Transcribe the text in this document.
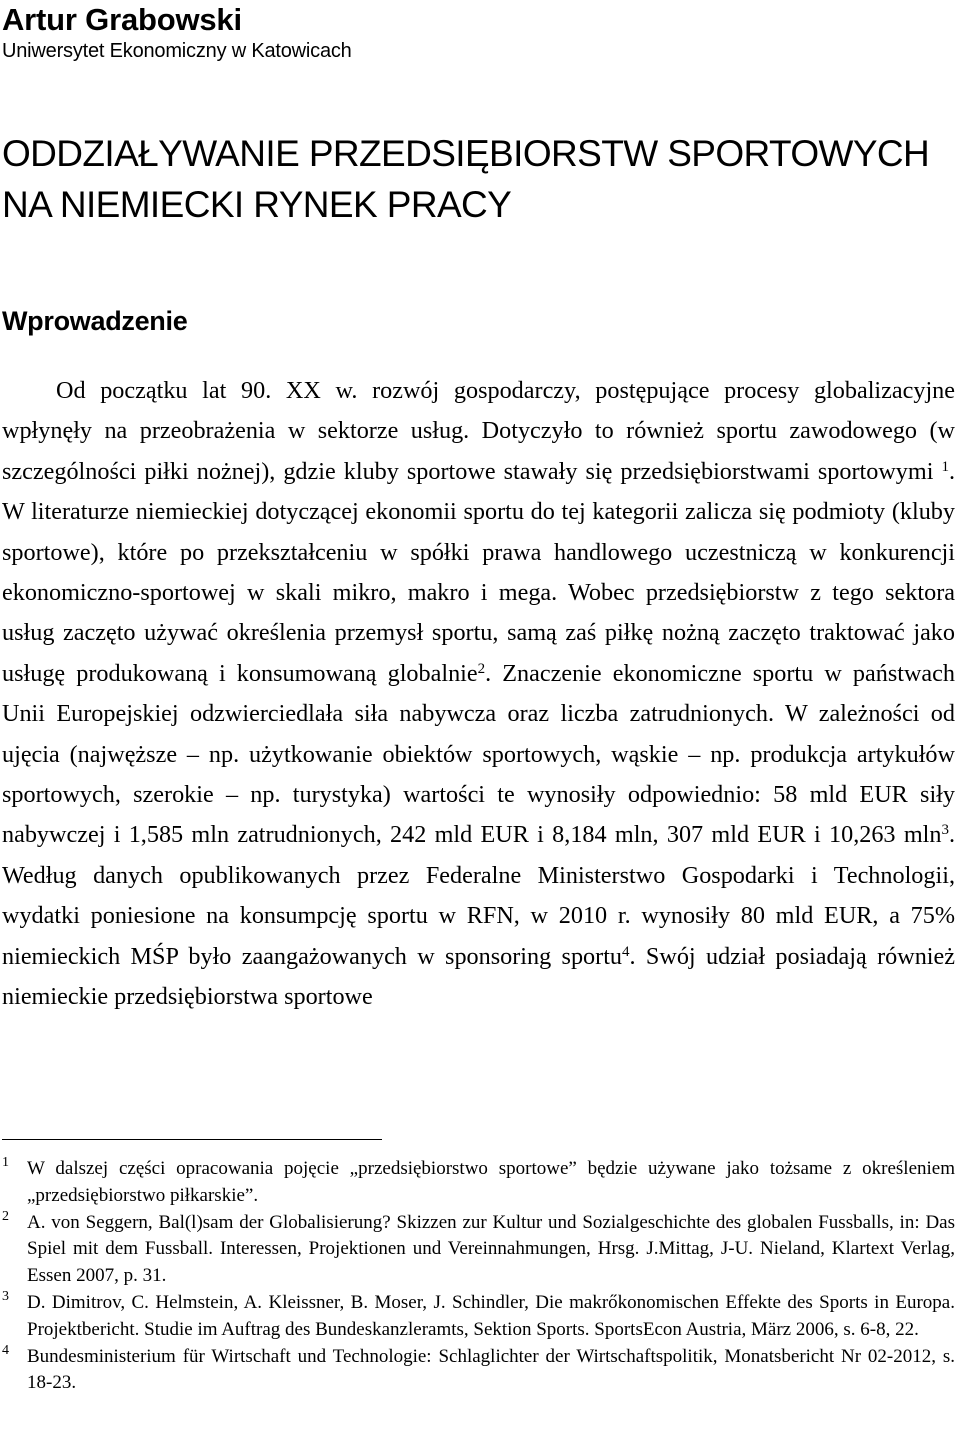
Artur Grabowski
Uniwersytet Ekonomiczny w Katowicach
ODDZIAŁYWANIE PRZEDSIĘBIORSTW SPORTOWYCH NA NIEMIECKI RYNEK PRACY
Wprowadzenie

Od początku lat 90. XX w. rozwój gospodarczy, postępujące procesy globalizacyjne wpłynęły na przeobrażenia w sektorze usług. Dotyczyło to również sportu zawodowego (w szczególności piłki nożnej), gdzie kluby sportowe stawały się przedsiębiorstwami sportowymi $^1$. W literaturze niemieckiej dotyczącej ekonomii sportu do tej kategorii zalicza się podmioty (kluby sportowe), które po przekształceniu w spółki prawa handlowego uczestniczą w konkurencji ekonomiczno-sportowej w skali mikro, makro i mega. Wobec przedsiębiorstw z tego sektora usług zaczęto używać określenia przemysł sportu, samą zaś piłkę nożną zaczęto traktować jako usługę produkowaną i konsumowaną globalnie$^2$. Znaczenie ekonomiczne sportu w państwach Unii Europejskiej odzwierciedlała siła nabywcza oraz liczba zatrudnionych. W zależności od ujęcia (najwęższe – np. użytkowanie obiektów sportowych, wąskie – np. produkcja artykułów sportowych, szerokie – np. turystyka) wartości te wynosiły odpowiednio: 58 mld EUR siły nabywczej i 1,585 mln zatrudnionych, 242 mld EUR i 8,184 mln, 307 mld EUR i 10,263 mln$^3$. Według danych opublikowanych przez Federalne Ministerstwo Gospodarki i Technologii, wydatki poniesione na konsumpcję sportu w RFN, w 2010 r. wynosiły 80 mld EUR, a 75% niemieckich MŚP było zaangażowanych w sponsoring sportu$^4$. Swój udział posiadają również niemieckie przedsiębiorstwa sportowe

1 W dalszej części opracowania pojęcie „przedsiębiorstwo sportowe” będzie używane jako tożsame z określeniem „przedsiębiorstwo piłkarskie”.
2 A. von Seggern, Bal(l)sam der Globalisierung? Skizzen zur Kultur und Sozialgeschichte des globalen Fussballs, in: Das Spiel mit dem Fussball. Interessen, Projektionen und Vereinnahmungen, Hrsg. J.Mittag, J-U. Nieland, Klartext Verlag, Essen 2007, p. 31.
3 D. Dimitrov, C. Helmstein, A. Kleissner, B. Moser, J. Schindler, Die makrőkonomischen Effekte des Sports in Europa. Projektbericht. Studie im Auftrag des Bundeskanzleramts, Sektion Sports. SportsEcon Austria, März 2006, s. 6-8, 22.
4 Bundesministerium für Wirtschaft und Technologie: Schlaglichter der Wirtschaftspolitik, Monatsbericht Nr 02-2012, s. 18-23.
